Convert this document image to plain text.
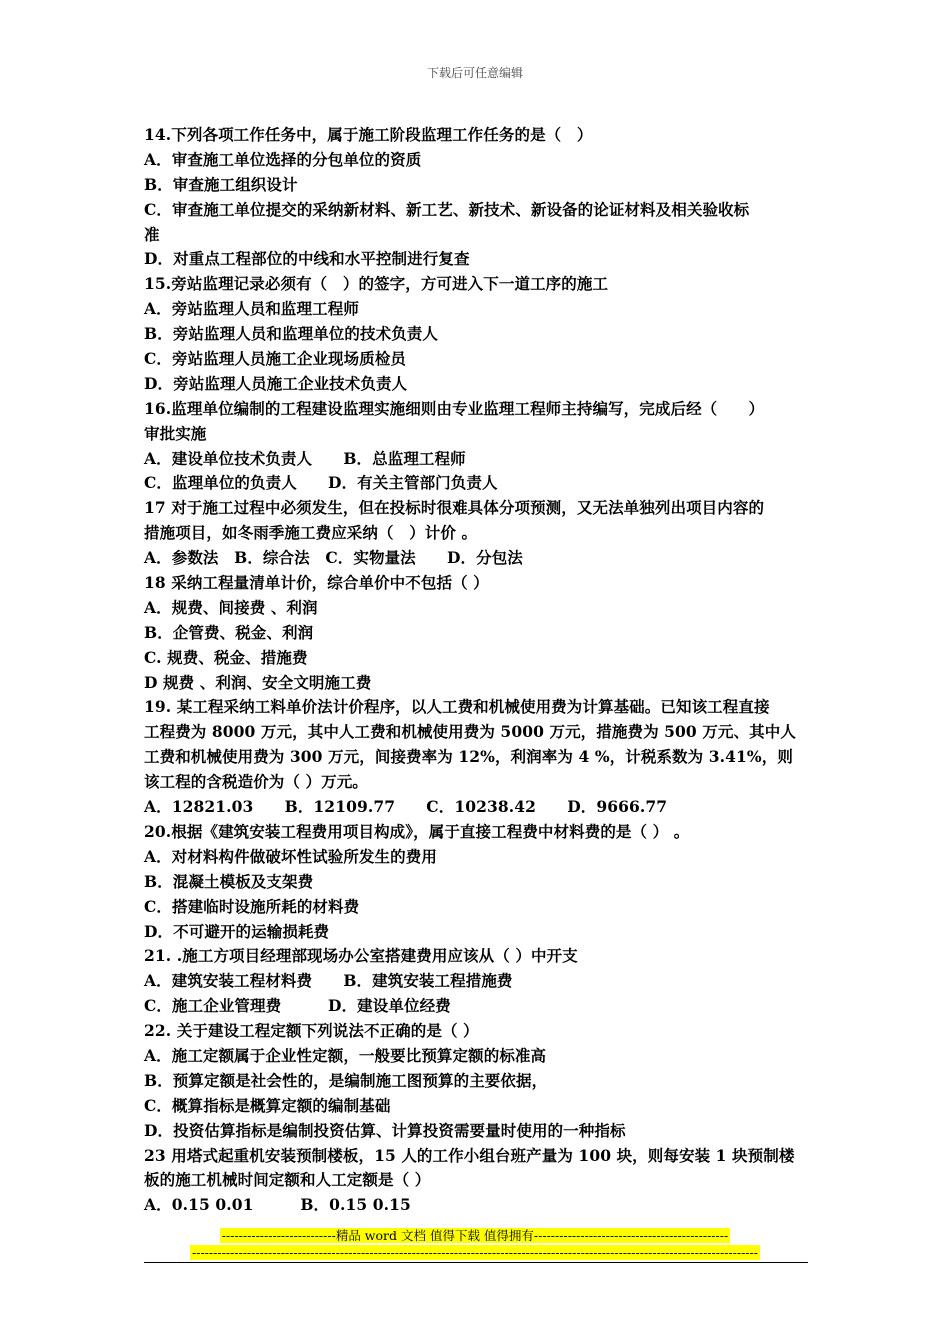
下载后可任意编辑
14.下列各项工作任务中，属于施工阶段监理工作任务的是（　）
A．审查施工单位选择的分包单位的资质
B．审查施工组织设计
C．审查施工单位提交的采纳新材料、新工艺、新技术、新设备的论证材料及相关验收标
准
D．对重点工程部位的中线和水平控制进行复查
15.旁站监理记录必须有（　）的签字，方可进入下一道工序的施工
A．旁站监理人员和监理工程师
B．旁站监理人员和监理单位的技术负责人
C．旁站监理人员施工企业现场质检员
D．旁站监理人员施工企业技术负责人
16.监理单位编制的工程建设监理实施细则由专业监理工程师主持编写，完成后经（　　）
审批实施
A．建设单位技术负责人　　B．总监理工程师
C．监理单位的负责人　　D．有关主管部门负责人
17 对于施工过程中必须发生，但在投标时很难具体分项预测，又无法单独列出项目内容的
措施项目，如冬雨季施工费应采纳（　）计价 。
A．参数法　B．综合法　C．实物量法　　D．分包法
18 采纳工程量清单计价，综合单价中不包括（ ）
A．规费、间接费 、利润
B．企管费、税金、利润
C. 规费、税金、措施费
D 规费 、利润、安全文明施工费
19. 某工程采纳工料单价法计价程序，以人工费和机械使用费为计算基础。已知该工程直接
工程费为 8000 万元，其中人工费和机械使用费为 5000 万元，措施费为 500 万元、其中人
工费和机械使用费为 300 万元，间接费率为 12%，利润率为 4 %，计税系数为 3.41%，则
该工程的含税造价为（ ）万元。
A．12821.03　　B．12109.77　　C．10238.42　　D．9666.77
20.根据《建筑安装工程费用项目构成》，属于直接工程费中材料费的是（ ） 。
A．对材料构件做破坏性试验所发生的费用
B．混凝土模板及支架费
C．搭建临时设施所耗的材料费
D．不可避开的运输损耗费
21. .施工方项目经理部现场办公室搭建费用应该从（ ）中开支
A．建筑安装工程材料费　　B．建筑安装工程措施费
C．施工企业管理费　　　D．建设单位经费
22. 关于建设工程定额下列说法不正确的是（ ）
A．施工定额属于企业性定额，一般要比预算定额的标准高
B．预算定额是社会性的，是编制施工图预算的主要依据，
C．概算指标是概算定额的编制基础
D．投资估算指标是编制投资估算、计算投资需要量时使用的一种指标
23 用塔式起重机安装预制楼板，15 人的工作小组台班产量为 100 块，则每安装 1 块预制楼
板的施工机械时间定额和人工定额是（ ）
A．0.15 0.01　　　B．0.15 0.15
---------------------------精品 word 文档 值得下载 值得拥有----------------------------------------------
--------------------------------------------------------------------------------------------------------------------------------------
